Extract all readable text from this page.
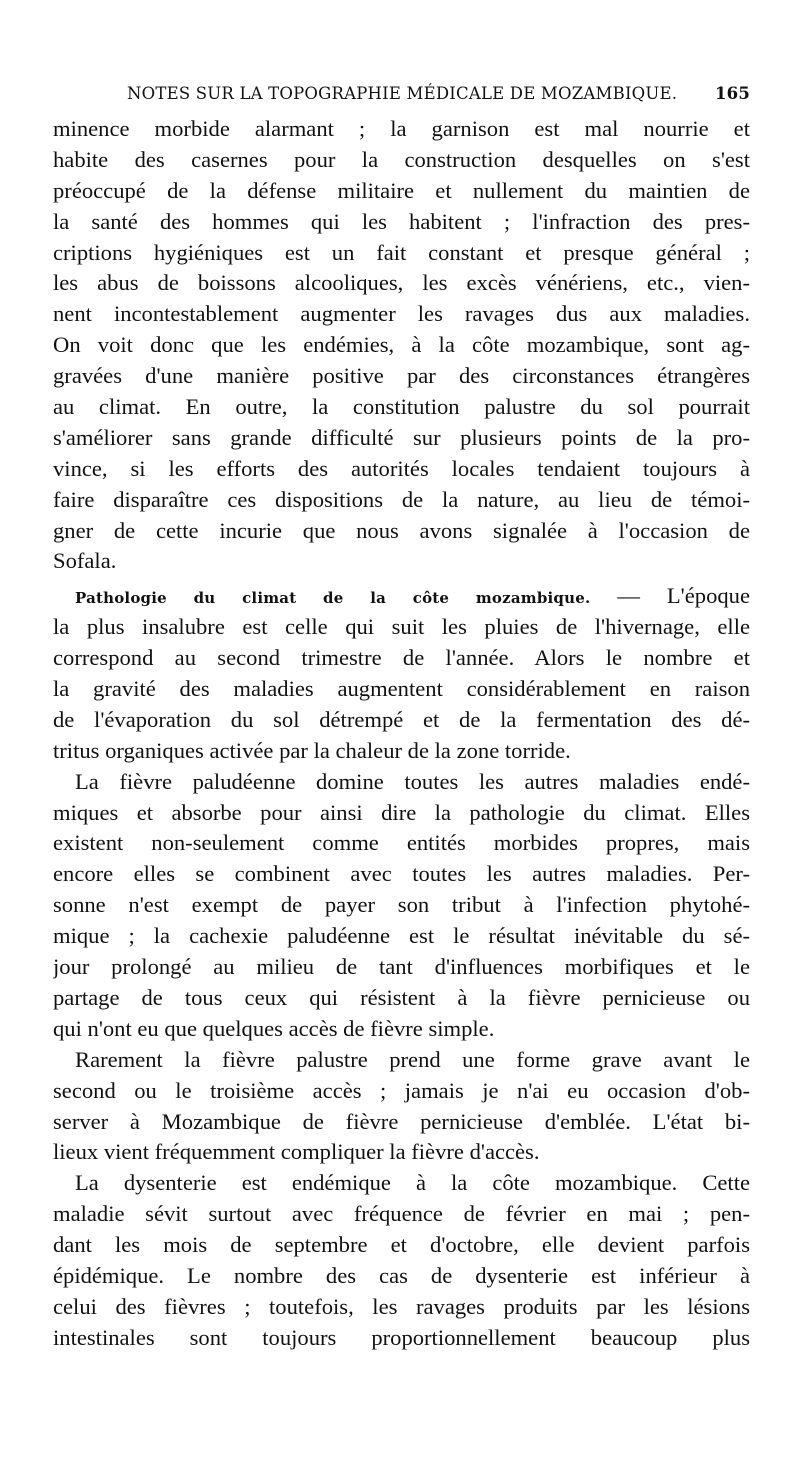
NOTES SUR LA TOPOGRAPHIE MÉDICALE DE MOZAMBIQUE. 165
minence morbide alarmant ; la garnison est mal nourrie et
habite des casernes pour la construction desquelles on s'est
préoccupé de la défense militaire et nullement du maintien de
la santé des hommes qui les habitent ; l'infraction des pres-
criptions hygiéniques est un fait constant et presque général ;
les abus de boissons alcooliques, les excès vénériens, etc., vien-
nent incontestablement augmenter les ravages dus aux maladies.
On voit donc que les endémies, à la côte mozambique, sont ag-
gravées d'une manière positive par des circonstances étrangères
au climat. En outre, la constitution palustre du sol pourrait
s'améliorer sans grande difficulté sur plusieurs points de la pro-
vince, si les efforts des autorités locales tendaient toujours à
faire disparaître ces dispositions de la nature, au lieu de témoi-
gner de cette incurie que nous avons signalée à l'occasion de
Sofala.
Pathologie du climat de la côte mozambique. — L'époque
la plus insalubre est celle qui suit les pluies de l'hivernage, elle
correspond au second trimestre de l'année. Alors le nombre et
la gravité des maladies augmentent considérablement en raison
de l'évaporation du sol détrempé et de la fermentation des dé-
tritus organiques activée par la chaleur de la zone torride.
La fièvre paludéenne domine toutes les autres maladies endé-
miques et absorbe pour ainsi dire la pathologie du climat. Elles
existent non-seulement comme entités morbides propres, mais
encore elles se combinent avec toutes les autres maladies. Per-
sonne n'est exempt de payer son tribut à l'infection phytohé-
mique ; la cachexie paludéenne est le résultat inévitable du sé-
jour prolongé au milieu de tant d'influences morbifiques et le
partage de tous ceux qui résistent à la fièvre pernicieuse ou
qui n'ont eu que quelques accès de fièvre simple.
Rarement la fièvre palustre prend une forme grave avant le
second ou le troisième accès ; jamais je n'ai eu occasion d'ob-
server à Mozambique de fièvre pernicieuse d'emblée. L'état bi-
lieux vient fréquemment compliquer la fièvre d'accès.
La dysenterie est endémique à la côte mozambique. Cette
maladie sévit surtout avec fréquence de février en mai ; pen-
dant les mois de septembre et d'octobre, elle devient parfois
épidémique. Le nombre des cas de dysenterie est inférieur à
celui des fièvres ; toutefois, les ravages produits par les lésions
intestinales sont toujours proportionnellement beaucoup plus
